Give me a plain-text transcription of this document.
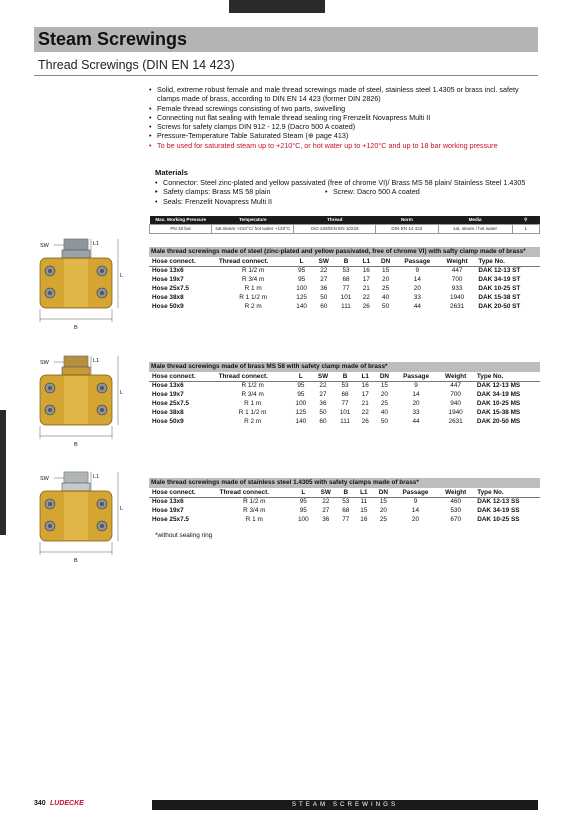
Steam Screwings
Thread Screwings (DIN EN 14 423)
• Solid, extreme robust female and male thread screwings made of steel, stainless steel 1.4305 or brass incl. safety clamps made of brass, according to DIN EN 14 423 (former DIN 2826)
• Female thread screwings consisting of two parts, swivelling
• Connecting nut flat sealing with female thread sealing ring Frenzelit Novapress Multi II
• Screws for safety clamps DIN 912 - 12.9 (Dacro 500 A coated)
• Pressure-Temperature Table Saturated Steam (⊕ page 413)
• To be used for saturated steam up to +210°C, or hot water up to +120°C and up to 18 bar working pressure
Materials
• Connector: Steel zinc-plated and yellow passivated (free of chrome VI)/ Brass MS 58 plain/ Stainless Steel 1.4305
• • Safety clamps: Brass MS 58 plain	• Screw: Dacro 500 A coated
• Seals: Frenzelit Novapress Multi II
Max. Working Pressure	Temperature	Thread	Norm	Media	⚲
PN 18 bar	sat.steam +210°C/ hot water +120°C	ISO 228/DIN EN 10226	DIN EN 14 423	sat. steam / hot water	1
Male thread screwings made of steel (zinc-plated and yellow passivated, free of chrome VI) with safty clamp made of brass*
Hose connect.	Thread connect.	L	SW	B	L1	DN	Passage	Weight	Type No.
Hose 13x6	R 1/2 m	95	22	53	16	15	9	447	DAK 12-13 ST
Hose 19x7	R 3/4 m	95	27	68	17	20	14	700	DAK 34-19 ST
Hose 25x7.5	R 1 m	100	36	77	21	25	20	933	DAK 10-25 ST
Hose 38x8	R 1 1/2 m	125	50	101	22	40	33	1940	DAK 15-38 ST
Hose 50x9	R 2 m	140	60	111	26	50	44	2631	DAK 20-50 ST
Male thread screwings made of brass MS 58 with safety clamp made of brass*
Hose connect.	Thread connect.	L	SW	B	L1	DN	Passage	Weight	Type No.
Hose 13x6	R 1/2 m	95	22	53	16	15	9	447	DAK 12-13 MS
Hose 19x7	R 3/4 m	95	27	68	17	20	14	700	DAK 34-19 MS
Hose 25x7.5	R 1 m	100	36	77	21	25	20	940	DAK 10-25 MS
Hose 38x8	R 1 1/2 m	125	50	101	22	40	33	1940	DAK 15-38 MS
Hose 50x9	R 2 m	140	60	111	26	50	44	2631	DAK 20-50 MS
Male thread screwings made of stainless steel 1.4305 with safety clamps made of brass*
Hose connect.	Thread connect.	L	SW	B	L1	DN	Passage	Weight	Type No.
Hose 13x6	R 1/2 m	95	22	53	11	15	9	460	DAK 12-13 SS
Hose 19x7	R 3/4 m	95	27	68	15	20	14	530	DAK 34-19 SS
Hose 25x7.5	R 1 m	100	36	77	16	25	20	670	DAK 10-25 SS
*without sealing ring
SW	L1
L
B
SW	L1
L
B
SW	L1
L
B
340 LUDECKE	STEAM SCREWINGS
